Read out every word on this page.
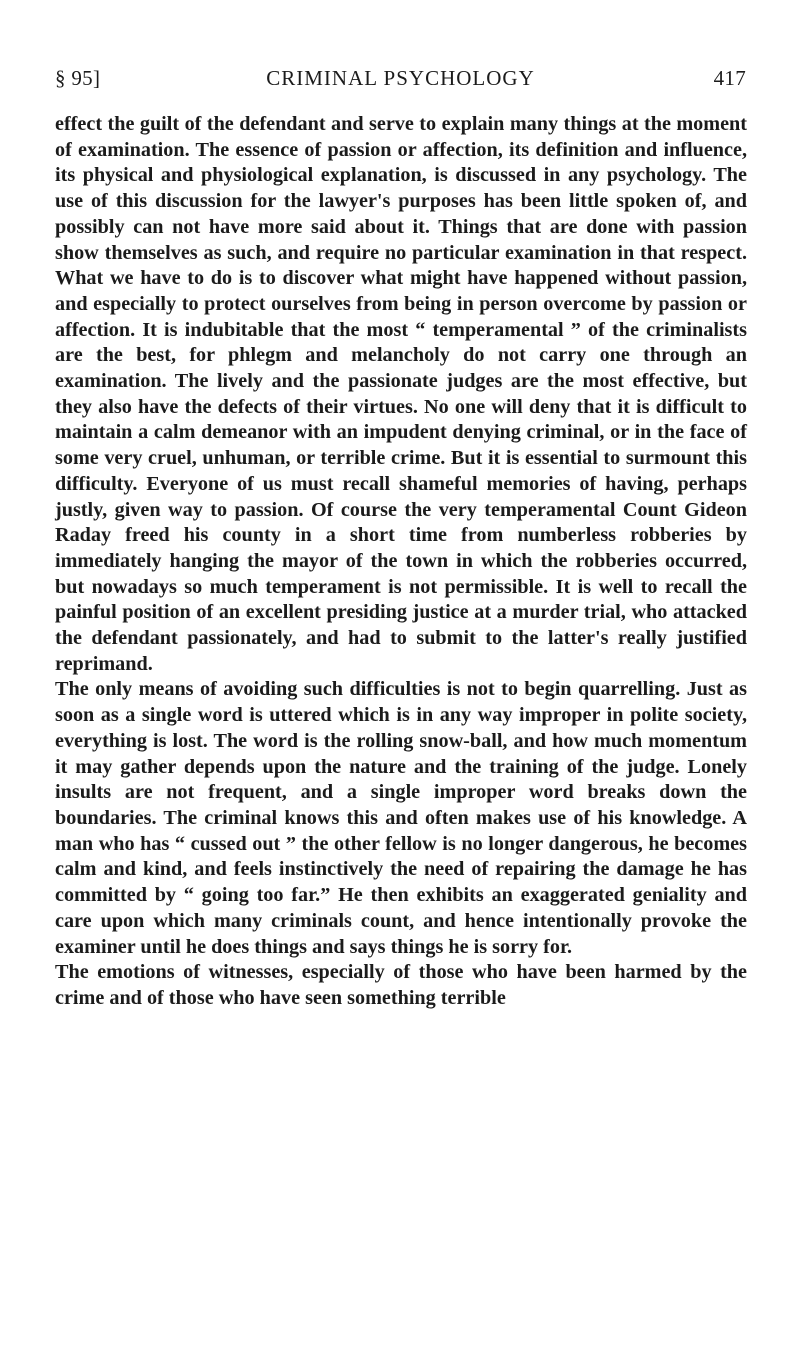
§ 95]	CRIMINAL PSYCHOLOGY	417

effect the guilt of the defendant and serve to explain many things at the moment of examination. The essence of passion or affection, its definition and influence, its physical and physiological explanation, is discussed in any psychology. The use of this discussion for the lawyer's purposes has been little spoken of, and possibly can not have more said about it. Things that are done with passion show themselves as such, and require no particular examination in that respect. What we have to do is to discover what might have happened without passion, and especially to protect ourselves from being in person overcome by passion or affection. It is indubitable that the most “ temperamental ” of the criminalists are the best, for phlegm and melancholy do not carry one through an examination. The lively and the passionate judges are the most effective, but they also have the defects of their virtues. No one will deny that it is difficult to maintain a calm demeanor with an impudent denying criminal, or in the face of some very cruel, unhuman, or terrible crime. But it is essential to surmount this difficulty. Everyone of us must recall shameful memories of having, perhaps justly, given way to passion. Of course the very temperamental Count Gideon Raday freed his county in a short time from numberless robberies by immediately hanging the mayor of the town in which the robberies occurred, but nowadays so much temperament is not permissible. It is well to recall the painful position of an excellent presiding justice at a murder trial, who attacked the defendant passionately, and had to submit to the latter's really justified reprimand.

The only means of avoiding such difficulties is not to begin quarrelling. Just as soon as a single word is uttered which is in any way improper in polite society, everything is lost. The word is the rolling snow-ball, and how much momentum it may gather depends upon the nature and the training of the judge. Lonely insults are not frequent, and a single improper word breaks down the boundaries. The criminal knows this and often makes use of his knowledge. A man who has “ cussed out ” the other fellow is no longer dangerous, he becomes calm and kind, and feels instinctively the need of repairing the damage he has committed by “ going too far.” He then exhibits an exaggerated geniality and care upon which many criminals count, and hence intentionally provoke the examiner until he does things and says things he is sorry for.

The emotions of witnesses, especially of those who have been harmed by the crime and of those who have seen something terrible
